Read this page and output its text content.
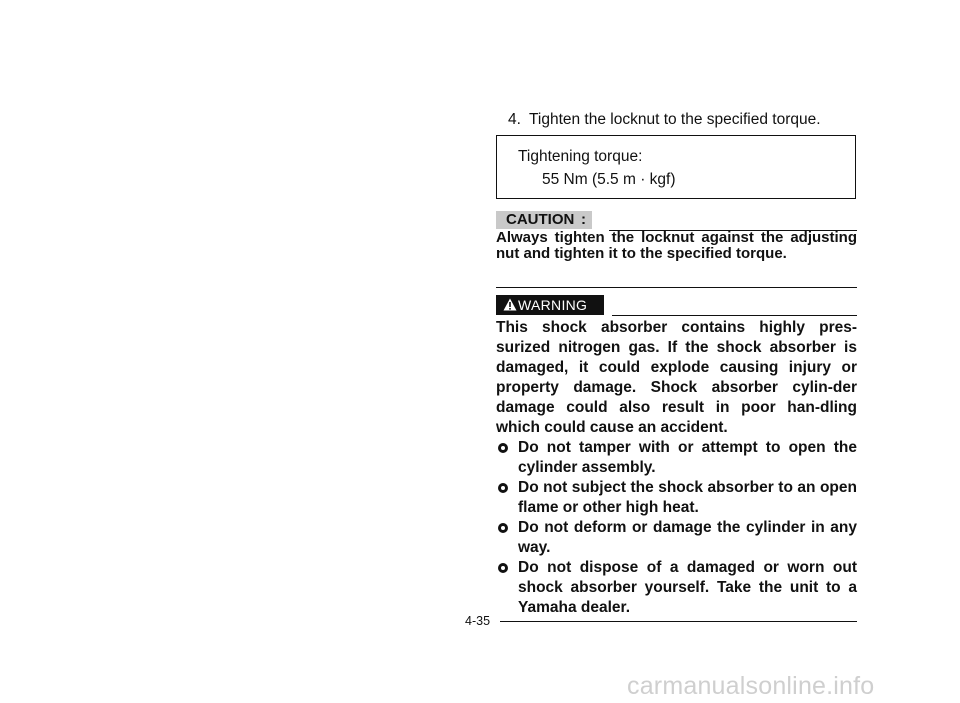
4. Tighten the locknut to the specified torque.
Tightening torque:
55 Nm (5.5 m · kgf)
CAUTION :
Always tighten the locknut against the adjusting nut and tighten it to the specified torque.
WARNING

This shock absorber contains highly pres-surized nitrogen gas. If the shock absorber is damaged, it could explode causing injury or property damage. Shock absorber cylin-der damage could also result in poor han-dling which could cause an accident.

Do not tamper with or attempt to open the cylinder assembly.
Do not subject the shock absorber to an open flame or other high heat.
Do not deform or damage the cylinder in any way.
Do not dispose of a damaged or worn out shock absorber yourself. Take the unit to a Yamaha dealer.
4-35
carmanualsonline.info
